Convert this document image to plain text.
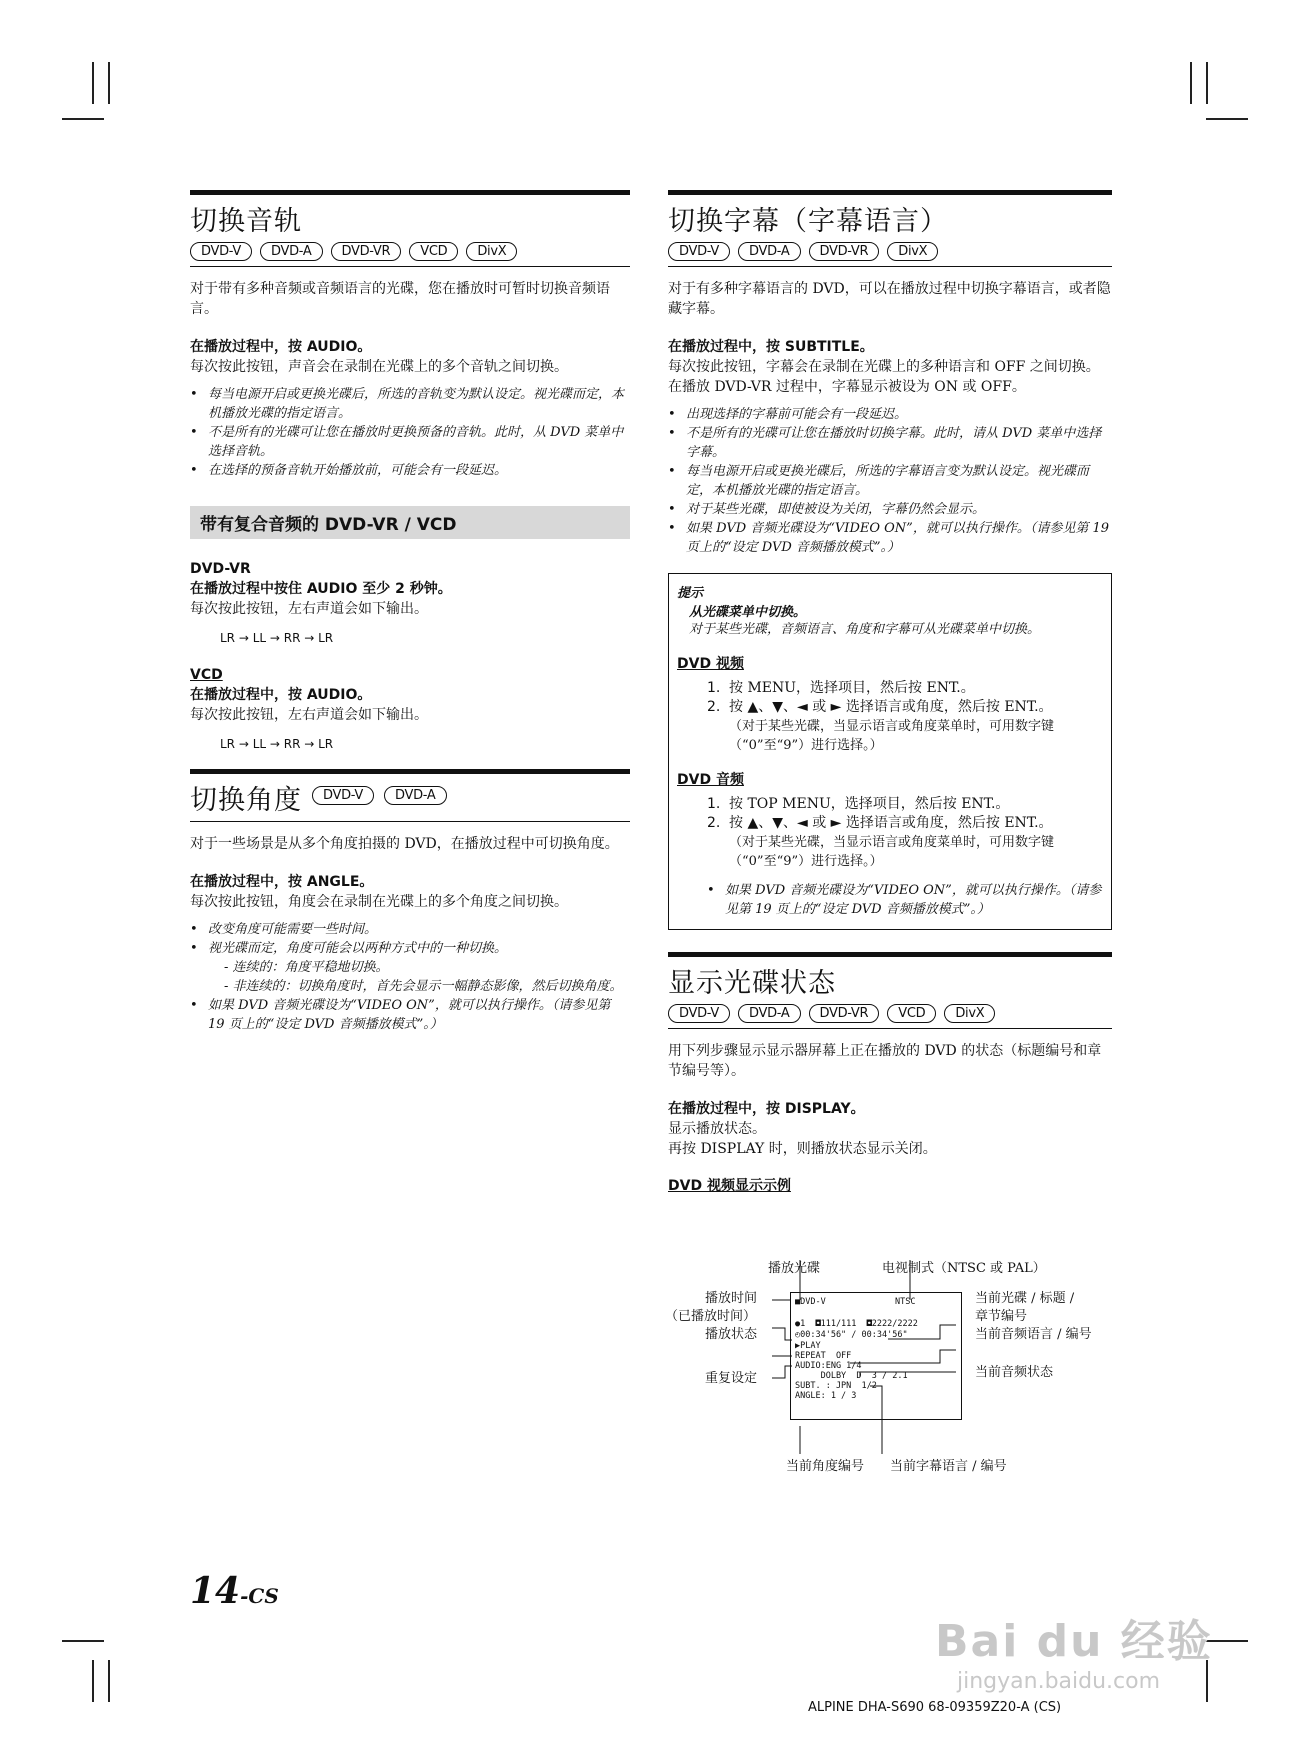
切换音轨
DVD-V	DVD-A	DVD-VR	VCD	DivX

对于带有多种音频或音频语言的光碟，您在播放时可暂时切换音频语言。

在播放过程中，按 AUDIO。

每次按此按钮，声音会在录制在光碟上的多个音轨之间切换。

• 每当电源开启或更换光碟后，所选的音轨变为默认设定。视光碟而定，本机播放光碟的指定语言。
• 不是所有的光碟可让您在播放时更换预备的音轨。此时，从 DVD 菜单中选择音轨。
• 在选择的预备音轨开始播放前，可能会有一段延迟。
带有复合音频的 DVD-VR / VCD

DVD-VR

在播放过程中按住 AUDIO 至少 2 秒钟。

每次按此按钮，左右声道会如下输出。

LR → LL → RR → LR

VCD

在播放过程中，按 AUDIO。

每次按此按钮，左右声道会如下输出。

LR → LL → RR → LR
切换角度	DVD-V	DVD-A

对于一些场景是从多个角度拍摄的 DVD，在播放过程中可切换角度。

在播放过程中，按 ANGLE。

每次按此按钮，角度会在录制在光碟上的多个角度之间切换。

• 改变角度可能需要一些时间。
• 视光碟而定，角度可能会以两种方式中的一种切换。
- 连续的：角度平稳地切换。
- 非连续的：切换角度时，首先会显示一幅静态影像，然后切换角度。
• 如果 DVD 音频光碟设为“VIDEO ON”，就可以执行操作。（请参见第 19 页上的“设定 DVD 音频播放模式”。）
切换字幕（字幕语言）
DVD-V	DVD-A	DVD-VR	DivX

对于有多种字幕语言的 DVD，可以在播放过程中切换字幕语言，或者隐藏字幕。

在播放过程中，按 SUBTITLE。

每次按此按钮，字幕会在录制在光碟上的多种语言和 OFF 之间切换。

在播放 DVD-VR 过程中，字幕显示被设为 ON 或 OFF。

• 出现选择的字幕前可能会有一段延迟。
• 不是所有的光碟可让您在播放时切换字幕。此时，请从 DVD 菜单中选择字幕。
• 每当电源开启或更换光碟后，所选的字幕语言变为默认设定。视光碟而定，本机播放光碟的指定语言。
• 对于某些光碟，即使被设为关闭，字幕仍然会显示。
• 如果 DVD 音频光碟设为“VIDEO ON”，就可以执行操作。（请参见第 19 页上的“设定 DVD 音频播放模式”。）
提示
从光碟菜单中切换。
对于某些光碟，音频语言、角度和字幕可从光碟菜单中切换。
DVD 视频
1. 按 MENU，选择项目，然后按 ENT.。
2. 按 ▲、▼、◄ 或 ► 选择语言或角度，然后按 ENT.。
（对于某些光碟，当显示语言或角度菜单时，可用数字键（“0”至“9”）进行选择。）
DVD 音频
1. 按 TOP MENU，选择项目，然后按 ENT.。
2. 按 ▲、▼、◄ 或 ► 选择语言或角度，然后按 ENT.。
（对于某些光碟，当显示语言或角度菜单时，可用数字键（“0”至“9”）进行选择。）
• 如果 DVD 音频光碟设为“VIDEO ON”，就可以执行操作。（请参见第 19 页上的“设定 DVD 音频播放模式”。）
显示光碟状态
DVD-V	DVD-A	DVD-VR	VCD	DivX

用下列步骤显示显示器屏幕上正在播放的 DVD 的状态（标题编号和章节编号等）。

在播放过程中，按 DISPLAY。

显示播放状态。

再按 DISPLAY 时，则播放状态显示关闭。

DVD 视频显示示例

■DVD-V	NTSC
●1  ◘111/111  ◘2222/2222
◴00:34'56" / 00:34'56"
▶PLAY
REPEAT  OFF
AUDIO:ENG 1/4
DOLBY  D  3 / 2.1
SUBT. : JPN  1/2
ANGLE: 1 / 3
播放光碟	电视制式（NTSC 或 PAL）
播放时间
（已播放时间）
播放状态
重复设定
当前光碟 / 标题 /
章节编号
当前音频语言 / 编号
当前音频状态
当前角度编号 当前字幕语言 / 编号
14-CS
ALPINE DHA-S690 68-09359Z20-A (CS)
Bai du 经验
jingyan.baidu.com
